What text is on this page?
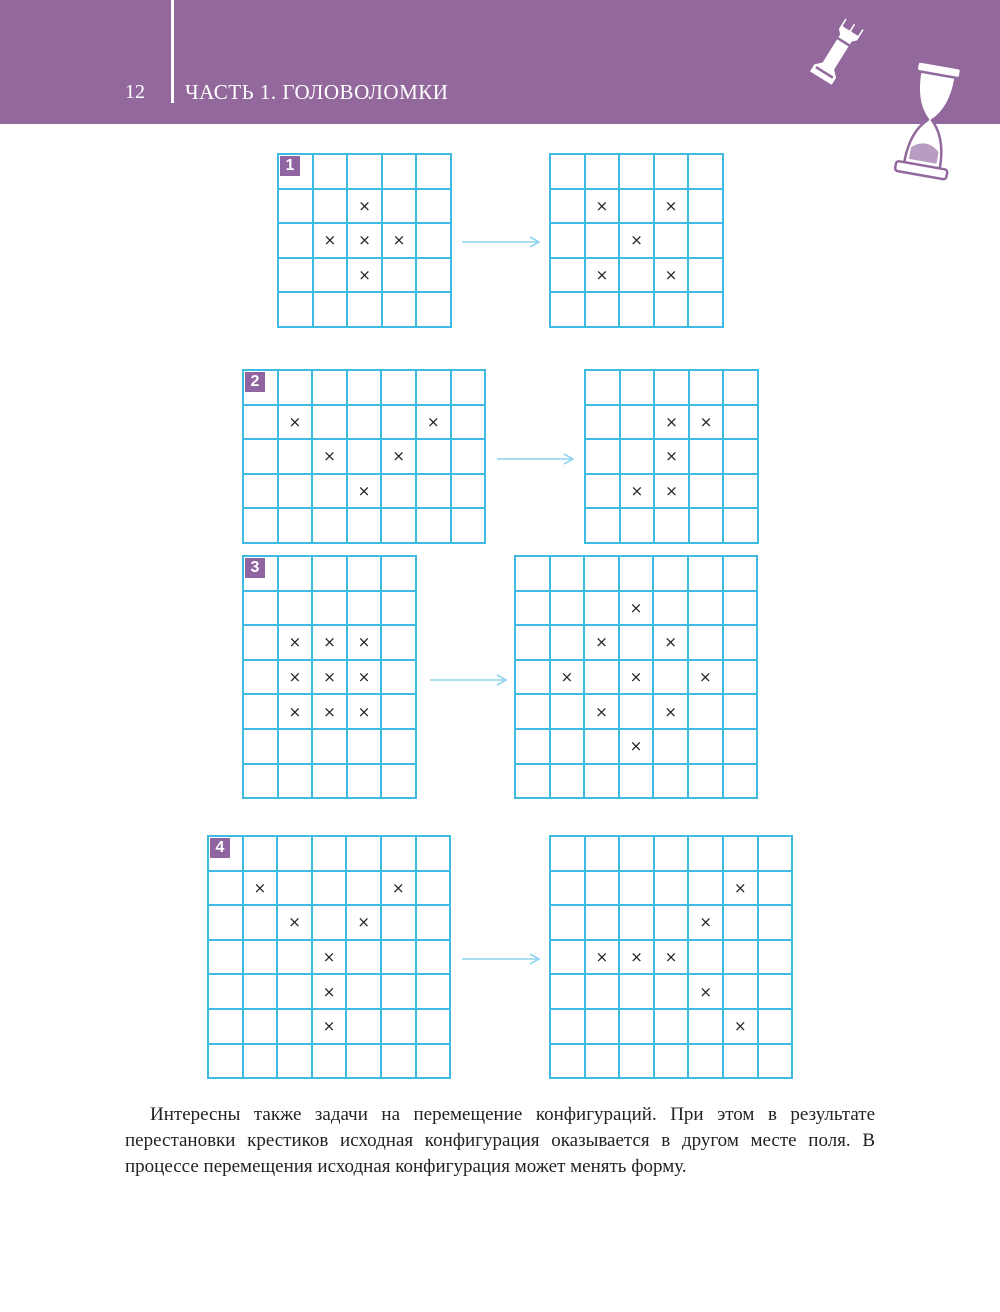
12 ЧАСТЬ 1. ГОЛОВОЛОМКИ
1
×
× × ×
×
×	×
×
×	×
2
×	×
×	×
×
× ×
×
× ×
3
× × ×
× × ×
× × ×
×
×	×
×	×	×
×	×
×
4
×	×
×	×
×
×
×
×
×
× × ×
×
×

Интересны также задачи на перемещение конфигураций. При этом в результате перестановки крестиков исходная конфигурация оказывается в другом месте поля. В процессе перемещения исходная конфигурация может менять форму.
